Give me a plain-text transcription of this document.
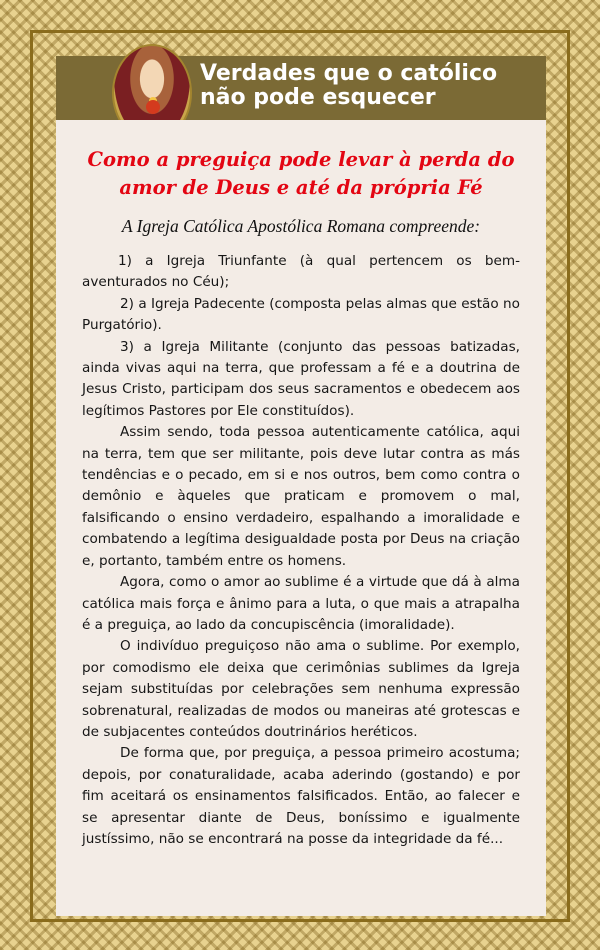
Verdades que o católico
não pode esquecer
Como a preguiça pode levar à perda do
amor de Deus e até da própria Fé
A Igreja Católica Apostólica Romana compreende:

1) a Igreja Triunfante (à qual pertencem os bem-aventurados no Céu);

2) a Igreja Padecente (composta pelas almas que estão no Purgatório).

3) a Igreja Militante (conjunto das pessoas batizadas, ainda vivas aqui na terra, que professam a fé e a doutrina de Jesus Cristo, participam dos seus sacramentos e obedecem aos legítimos Pastores por Ele constituídos).

Assim sendo, toda pessoa autenticamente católica, aqui na terra, tem que ser militante, pois deve lutar contra as más tendências e o pecado, em si e nos outros, bem como contra o demônio e àqueles que praticam e promovem o mal, falsificando o ensino verdadeiro, espalhando a imoralidade e combatendo a legítima desigualdade posta por Deus na criação e, portanto, também entre os homens.

Agora, como o amor ao sublime é a virtude que dá à alma católica mais força e ânimo para a luta, o que mais a atrapalha é a preguiça, ao lado da concupiscência (imoralidade).

O indivíduo preguiçoso não ama o sublime. Por exemplo, por comodismo ele deixa que cerimônias sublimes da Igreja sejam substituídas por celebrações sem nenhuma expressão sobrenatural, realizadas de modos ou maneiras até grotescas e de subjacentes conteúdos doutrinários heréticos.

De forma que, por preguiça, a pessoa primeiro acostuma; depois, por conaturalidade, acaba aderindo (gostando) e por fim aceitará os ensinamentos falsificados. Então, ao falecer e se apresentar diante de Deus, boníssimo e igualmente justíssimo, não se encontrará na posse da integridade da fé...
